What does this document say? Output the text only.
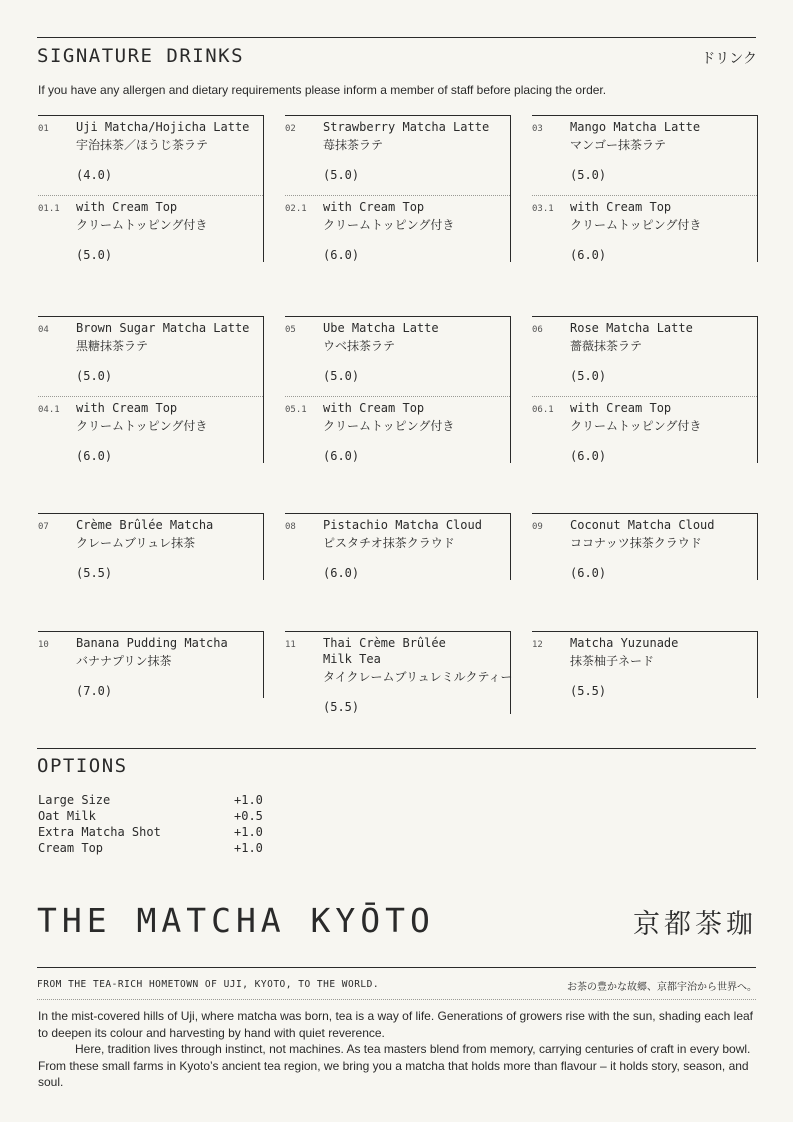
SIGNATURE DRINKS	ドリンク
If you have any allergen and dietary requirements please inform a member of staff before placing the order.
01 Uji Matcha/Hojicha Latte
宇治抹茶／ほうじ茶ラテ
(4.0)
01.1 with Cream Top
クリームトッピング付き
(5.0)
02 Strawberry Matcha Latte
苺抹茶ラテ
(5.0)
02.1 with Cream Top
クリームトッピング付き
(6.0)
03 Mango Matcha Latte
マンゴー抹茶ラテ
(5.0)
03.1 with Cream Top
クリームトッピング付き
(6.0)
04 Brown Sugar Matcha Latte
黒糖抹茶ラテ
(5.0)
04.1 with Cream Top
クリームトッピング付き
(6.0)
05 Ube Matcha Latte
ウベ抹茶ラテ
(5.0)
05.1 with Cream Top
クリームトッピング付き
(6.0)
06 Rose Matcha Latte
薔薇抹茶ラテ
(5.0)
06.1 with Cream Top
クリームトッピング付き
(6.0)
07 Crème Brûlée Matcha
クレームブリュレ抹茶
(5.5)
08 Pistachio Matcha Cloud
ピスタチオ抹茶クラウド
(6.0)
09 Coconut Matcha Cloud
ココナッツ抹茶クラウド
(6.0)
10 Banana Pudding Matcha
バナナプリン抹茶
(7.0)
11 Thai Crème Brûlée
Milk Tea
タイクレームブリュレミルクティー
(5.5)
12 Matcha Yuzunade
抹茶柚子ネード
(5.5)
OPTIONS
Large Size	+1.0
Oat Milk	+0.5
Extra Matcha Shot	+1.0
Cream Top	+1.0
THE MATCHA KYŌTO	京都茶珈
FROM THE TEA-RICH HOMETOWN OF UJI, KYOTO, TO THE WORLD.	お茶の豊かな故郷、京都宇治から世界へ。

In the mist-covered hills of Uji, where matcha was born, tea is a way of life. Generations of growers rise with the sun, shading each leaf to deepen its colour and harvesting by hand with quiet reverence.

Here, tradition lives through instinct, not machines. As tea masters blend from memory, carrying centuries of craft in every bowl. From these small farms in Kyoto’s ancient tea region, we bring you a matcha that holds more than flavour – it holds story, season, and soul.
